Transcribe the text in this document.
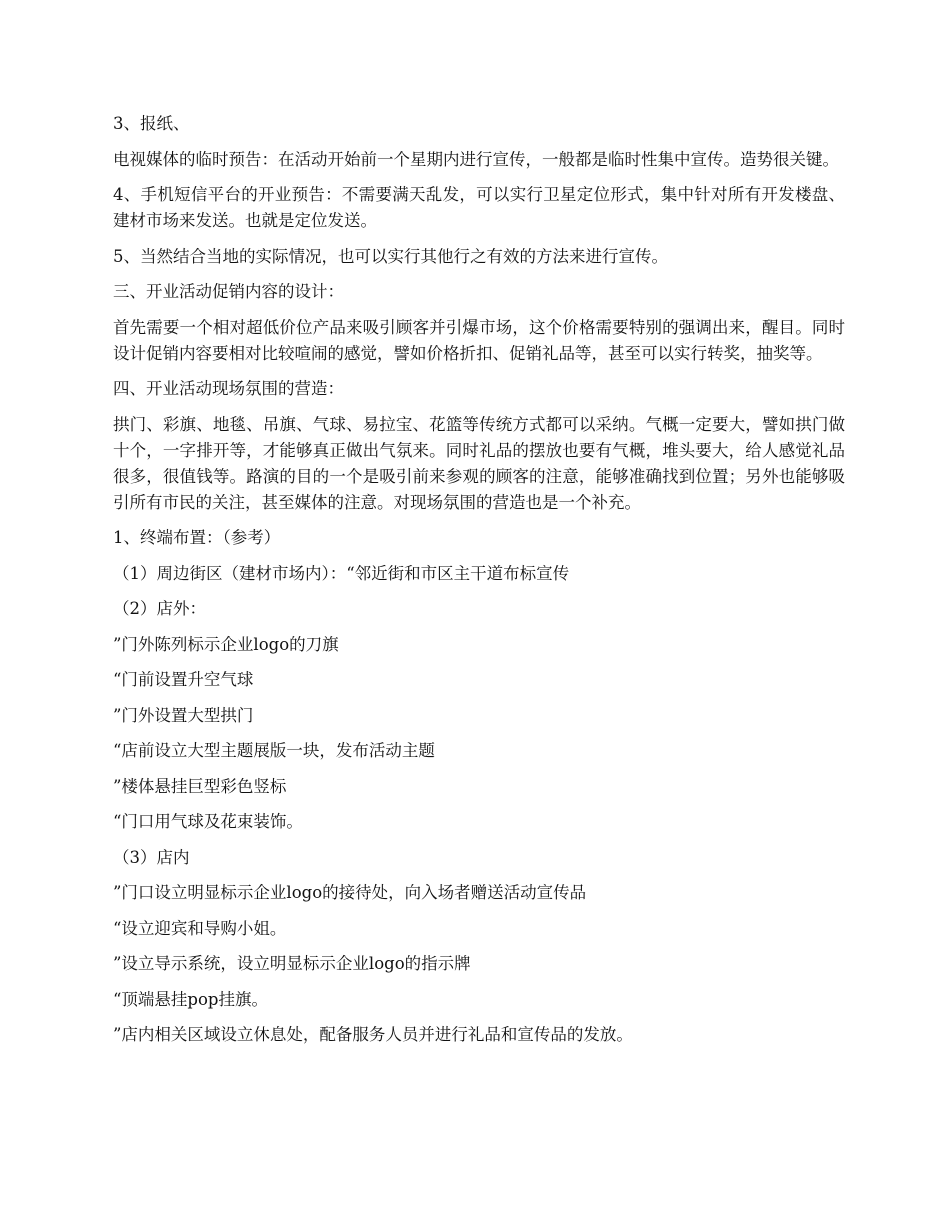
3、报纸、

电视媒体的临时预告：在活动开始前一个星期内进行宣传，一般都是临时性集中宣传。造势很关键。

4、手机短信平台的开业预告：不需要满天乱发，可以实行卫星定位形式，集中针对所有开发楼盘、建材市场来发送。也就是定位发送。

5、当然结合当地的实际情况，也可以实行其他行之有效的方法来进行宣传。

三、开业活动促销内容的设计：

首先需要一个相对超低价位产品来吸引顾客并引爆市场，这个价格需要特别的强调出来，醒目。同时设计促销内容要相对比较喧闹的感觉，譬如价格折扣、促销礼品等，甚至可以实行转奖，抽奖等。

四、开业活动现场氛围的营造：

拱门、彩旗、地毯、吊旗、气球、易拉宝、花篮等传统方式都可以采纳。气概一定要大，譬如拱门做十个，一字排开等，才能够真正做出气氛来。同时礼品的摆放也要有气概，堆头要大，给人感觉礼品很多，很值钱等。路演的目的一个是吸引前来参观的顾客的注意，能够准确找到位置；另外也能够吸引所有市民的关注，甚至媒体的注意。对现场氛围的营造也是一个补充。

1、终端布置：（参考）

（1）周边街区（建材市场内）：“邻近街和市区主干道布标宣传

（2）店外：

”门外陈列标示企业logo的刀旗

“门前设置升空气球

”门外设置大型拱门

“店前设立大型主题展版一块，发布活动主题

”楼体悬挂巨型彩色竖标

“门口用气球及花束装饰。

（3）店内

”门口设立明显标示企业logo的接待处，向入场者赠送活动宣传品

“设立迎宾和导购小姐。

”设立导示系统，设立明显标示企业logo的指示牌

“顶端悬挂pop挂旗。

”店内相关区域设立休息处，配备服务人员并进行礼品和宣传品的发放。
